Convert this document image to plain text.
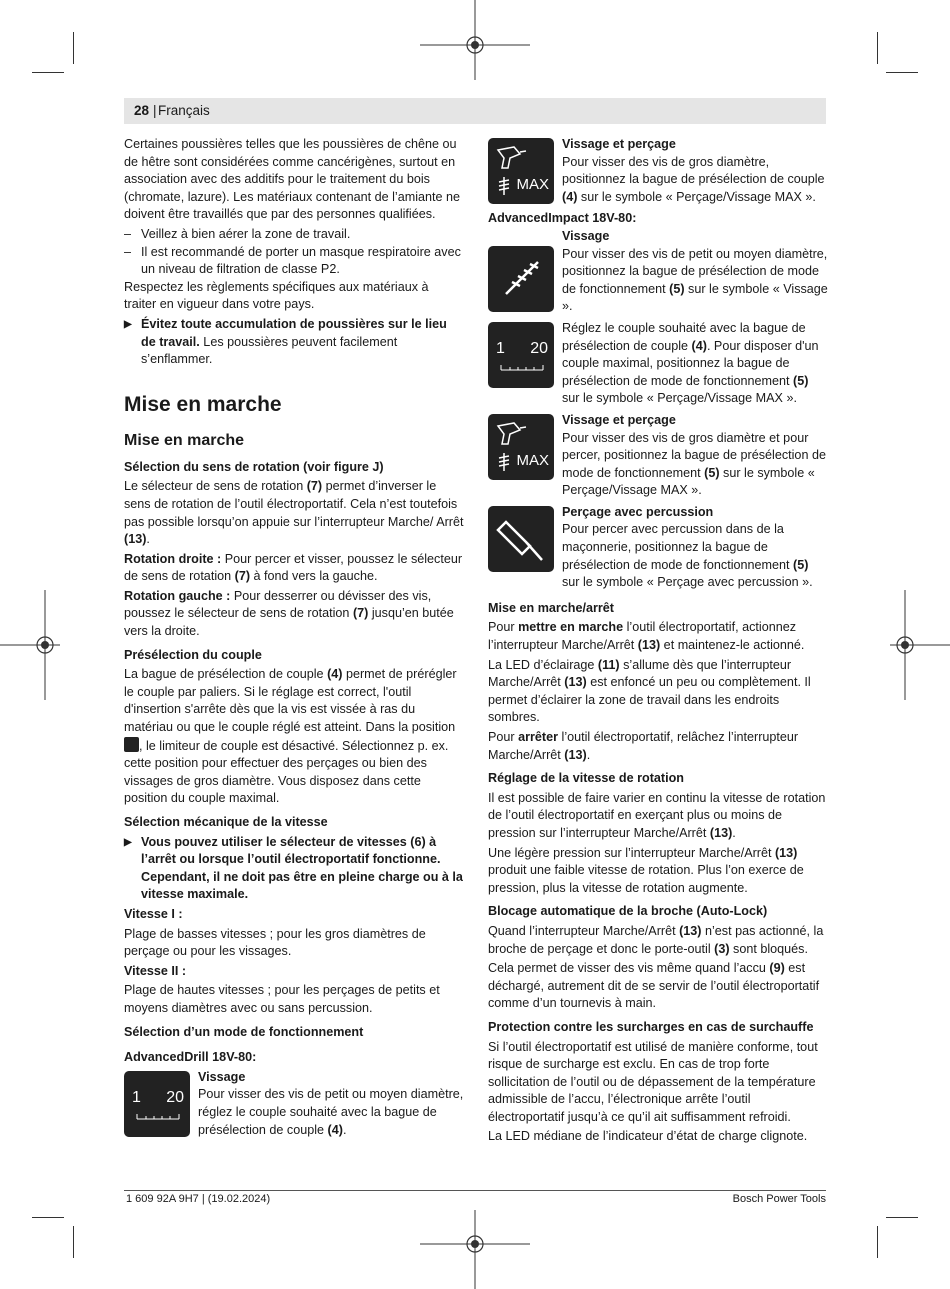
28 | Français

Certaines poussières telles que les poussières de chêne ou de hêtre sont considérées comme cancérigènes, surtout en association avec des additifs pour le traitement du bois (chromate, lazure). Les matériaux contenant de l’amiante ne doivent être travaillés que par des personnes qualifiées.

– Veillez à bien aérer la zone de travail.
– Il est recommandé de porter un masque respiratoire avec un niveau de filtration de classe P2.

Respectez les règlements spécifiques aux matériaux à traiter en vigueur dans votre pays.

▶ Évitez toute accumulation de poussières sur le lieu de travail. Les poussières peuvent facilement s’enflammer.
Mise en marche
Mise en marche
Sélection du sens de rotation (voir figure J)

Le sélecteur de sens de rotation (7) permet d’inverser le sens de rotation de l’outil électroportatif. Cela n’est toutefois pas possible lorsqu’on appuie sur l’interrupteur Marche/ Arrêt (13).

Rotation droite : Pour percer et visser, poussez le sélecteur de sens de rotation (7) à fond vers la gauche.

Rotation gauche : Pour desserrer ou dévisser des vis, poussez le sélecteur de sens de rotation (7) jusqu’en butée vers la droite.

Présélection du couple

La bague de présélection de couple (4) permet de prérégler le couple par paliers. Si le réglage est correct, l'outil d'insertion s'arrête dès que la vis est vissée à ras du matériau ou que le couple réglé est atteint. Dans la position , le limiteur de couple est désactivé. Sélectionnez p. ex. cette position pour effectuer des perçages ou bien des vissages de gros diamètre. Vous disposez dans cette position du couple maximal.

Sélection mécanique de la vitesse
▶ Vous pouvez utiliser le sélecteur de vitesses (6) à l’arrêt ou lorsque l’outil électroportatif fonctionne. Cependant, il ne doit pas être en pleine charge ou à la vitesse maximale.

Vitesse I :

Plage de basses vitesses ; pour les gros diamètres de perçage ou pour les vissages.

Vitesse II :

Plage de hautes vitesses ; pour les perçages de petits et moyens diamètres avec ou sans percussion.

Sélection d’un mode de fonctionnement
AdvancedDrill 18V-80:
1 20
Vissage
Pour visser des vis de petit ou moyen diamètre, réglez le couple souhaité avec la bague de présélection de couple (4).
MAX
Vissage et perçage
Pour visser des vis de gros diamètre, positionnez la bague de présélection de couple (4) sur le symbole « Perçage/Vissage MAX ».
AdvancedImpact 18V-80:
Vissage
Pour visser des vis de petit ou moyen diamètre, positionnez la bague de présélection de mode de fonctionnement (5) sur le symbole « Vissage ».
1 20
Réglez le couple souhaité avec la bague de présélection de couple (4). Pour disposer d'un couple maximal, positionnez la bague de présélection de mode de fonctionnement (5) sur le symbole « Perçage/Vissage MAX ».
MAX
Vissage et perçage
Pour visser des vis de gros diamètre et pour percer, positionnez la bague de présélection de mode de fonctionnement (5) sur le symbole « Perçage/Vissage MAX ».
Perçage avec percussion
Pour percer avec percussion dans de la maçonnerie, positionnez la bague de présélection de mode de fonctionnement (5) sur le symbole « Perçage avec percussion ».
Mise en marche/arrêt

Pour mettre en marche l’outil électroportatif, actionnez l’interrupteur Marche/Arrêt (13) et maintenez-le actionné.

La LED d’éclairage (11) s’allume dès que l’interrupteur Marche/Arrêt (13) est enfoncé un peu ou complètement. Il permet d’éclairer la zone de travail dans les endroits sombres.

Pour arrêter l’outil électroportatif, relâchez l’interrupteur Marche/Arrêt (13).

Réglage de la vitesse de rotation

Il est possible de faire varier en continu la vitesse de rotation de l’outil électroportatif en exerçant plus ou moins de pression sur l’interrupteur Marche/Arrêt (13).

Une légère pression sur l’interrupteur Marche/Arrêt (13) produit une faible vitesse de rotation. Plus l’on exerce de pression, plus la vitesse de rotation augmente.

Blocage automatique de la broche (Auto-Lock)

Quand l’interrupteur Marche/Arrêt (13) n’est pas actionné, la broche de perçage et donc le porte-outil (3) sont bloqués.

Cela permet de visser des vis même quand l’accu (9) est déchargé, autrement dit de se servir de l’outil électroportatif comme d’un tournevis à main.

Protection contre les surcharges en cas de surchauffe

Si l’outil électroportatif est utilisé de manière conforme, tout risque de surcharge est exclu. En cas de trop forte sollicitation de l’outil ou de dépassement de la température admissible de l’accu, l’électronique arrête l’outil électroportatif jusqu’à ce qu’il ait suffisamment refroidi.

La LED médiane de l’indicateur d’état de charge clignote.

1 609 92A 9H7 | (19.02.2024)	Bosch Power Tools
